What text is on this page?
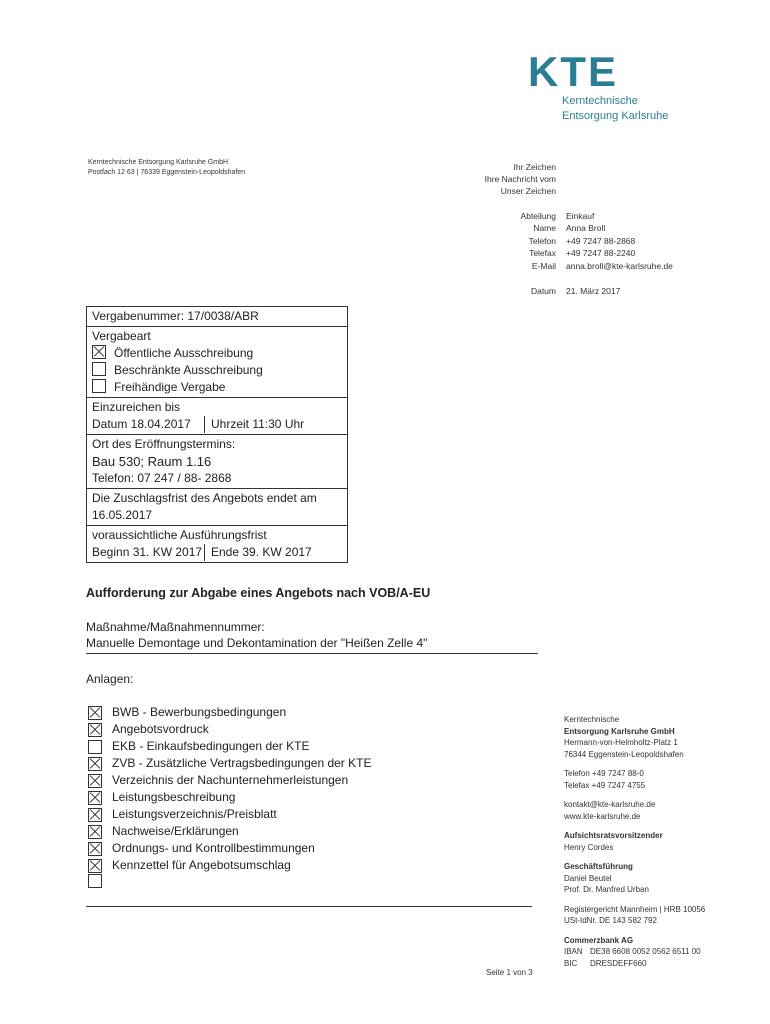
KTE
Kerntechnische
Entsorgung Karlsruhe
Kerntechnische Entsorgung Karlsruhe GmbH
Postfach 12 63 | 76339 Eggenstein-Leopoldshafen
Ihr Zeichen
Ihre Nachricht vom
Unser Zeichen
Abteilung	Einkauf
Name	Anna Broll
Telefon	+49 7247 88-2868
Telefax	+49 7247 88-2240
E-Mail	anna.broll@kte-karlsruhe.de
Datum	21. März 2017
Vergabenummer: 17/0038/ABR
Vergabeart
Öffentliche Ausschreibung
Beschränkte Ausschreibung
Freihändige Vergabe
Einzureichen bis
Datum 18.04.2017	Uhrzeit 11:30 Uhr
Ort des Eröffnungstermins:
Bau 530; Raum 1.16
Telefon: 07 247 / 88- 2868
Die Zuschlagsfrist des Angebots endet am
16.05.2017
voraussichtliche Ausführungsfrist
Beginn 31. KW 2017 Ende 39. KW 2017
Aufforderung zur Abgabe eines Angebots nach VOB/A-EU
Maßnahme/Maßnahmennummer:
Manuelle Demontage und Dekontamination der "Heißen Zelle 4"
Anlagen:
BWB - Bewerbungsbedingungen
Angebotsvordruck
EKB - Einkaufsbedingungen der KTE
ZVB - Zusätzliche Vertragsbedingungen der KTE
Verzeichnis der Nachunternehmerleistungen
Leistungsbeschreibung
Leistungsverzeichnis/Preisblatt
Nachweise/Erklärungen
Ordnungs- und Kontrollbestimmungen
Kennzettel für Angebotsumschlag
Seite 1 von 3
Kerntechnische
Entsorgung Karlsruhe GmbH
Hermann-von-Helmholtz-Platz 1
76344 Eggenstein-Leopoldshafen
Telefon +49 7247 88-0
Telefax +49 7247 4755
kontakt@kte-karlsruhe.de
www.kte-karlsruhe.de
Aufsichtsratsvorsitzender
Henry Cordes
Geschäftsführung
Daniel Beutel
Prof. Dr. Manfred Urban
Registergericht Mannheim | HRB 10056
USt-IdNr. DE 143 582 792
Commerzbank AG
IBAN DE38 6608 0052 0562 6511 00
BIC	DRESDEFF660
